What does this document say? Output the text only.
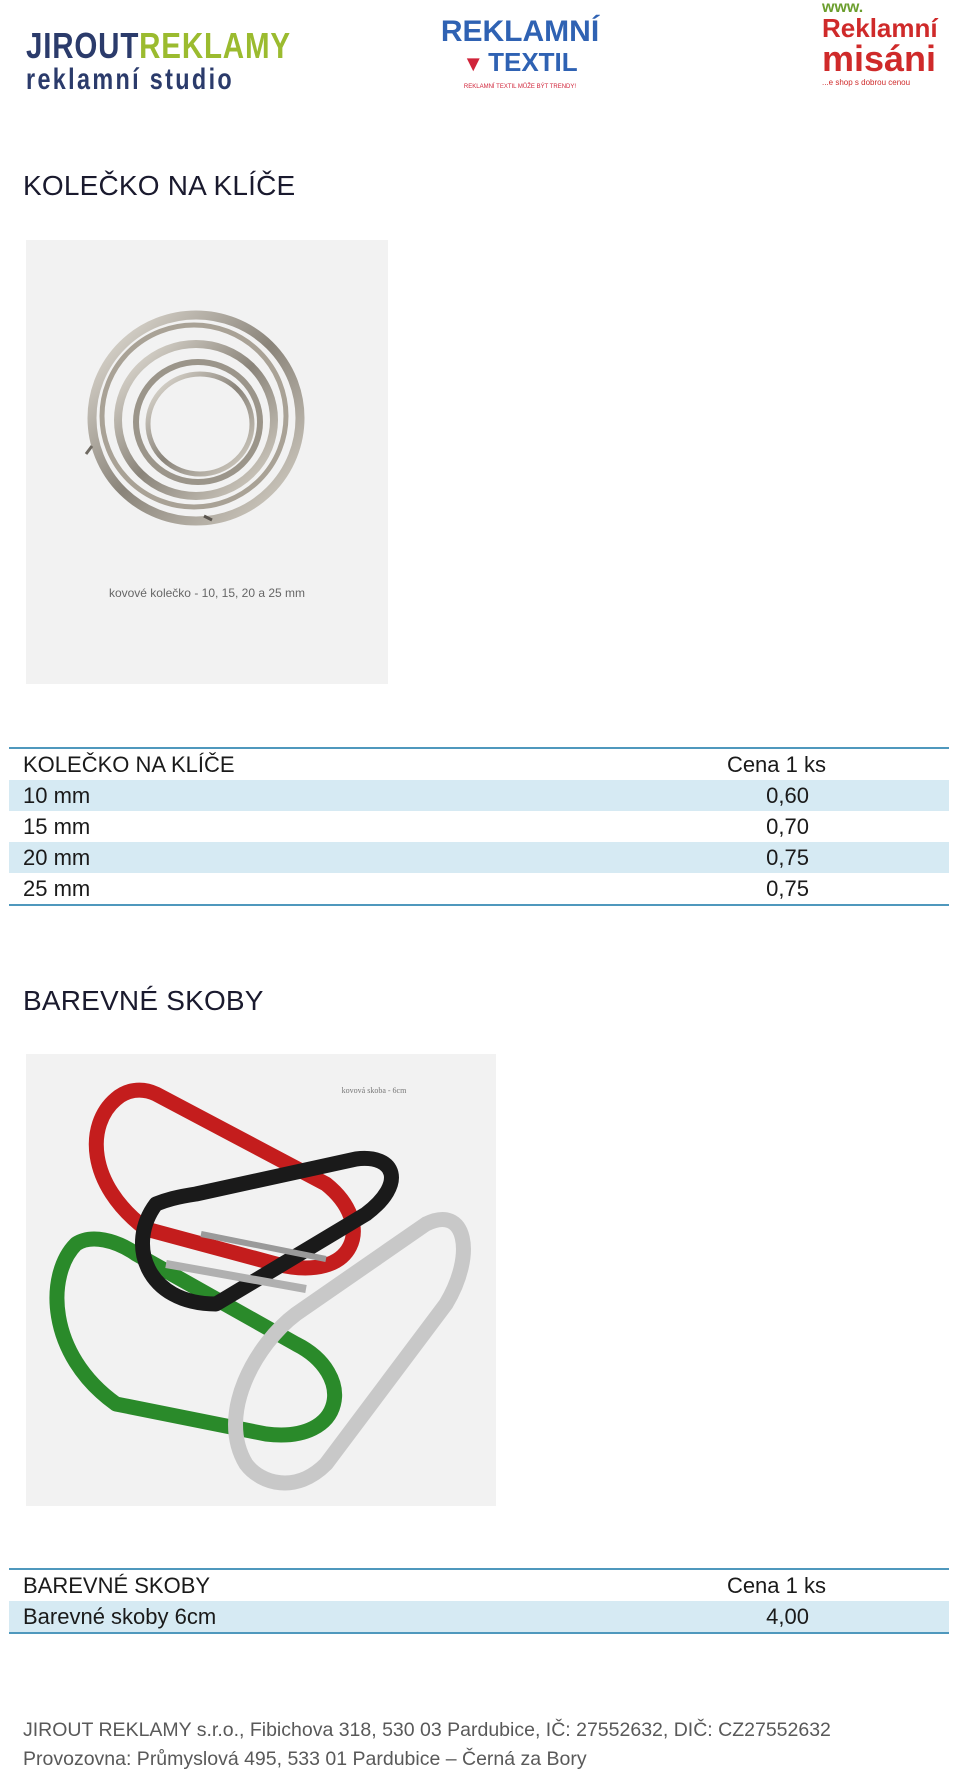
JIROUTREKLAMY
reklamní studio
REKLAMNÍ
▼ TEXTIL
REKLAMNÍ TEXTIL MŮŽE BÝT TRENDY!
www.
Reklamní
misáni
...e shop s dobrou cenou
KOLEČKO NA KLÍČE
kovové kolečko - 10, 15, 20 a 25 mm
KOLEČKO NA KLÍČE	Cena 1 ks
10 mm	0,60
15 mm	0,70
20 mm	0,75
25 mm	0,75
BAREVNÉ SKOBY
kovová skoba - 6cm
BAREVNÉ SKOBY	Cena 1 ks
Barevné skoby 6cm	4,00
JIROUT REKLAMY s.r.o., Fibichova 318, 530 03 Pardubice, IČ: 27552632, DIČ: CZ27552632
Provozovna: Průmyslová 495, 533 01 Pardubice – Černá za Bory
